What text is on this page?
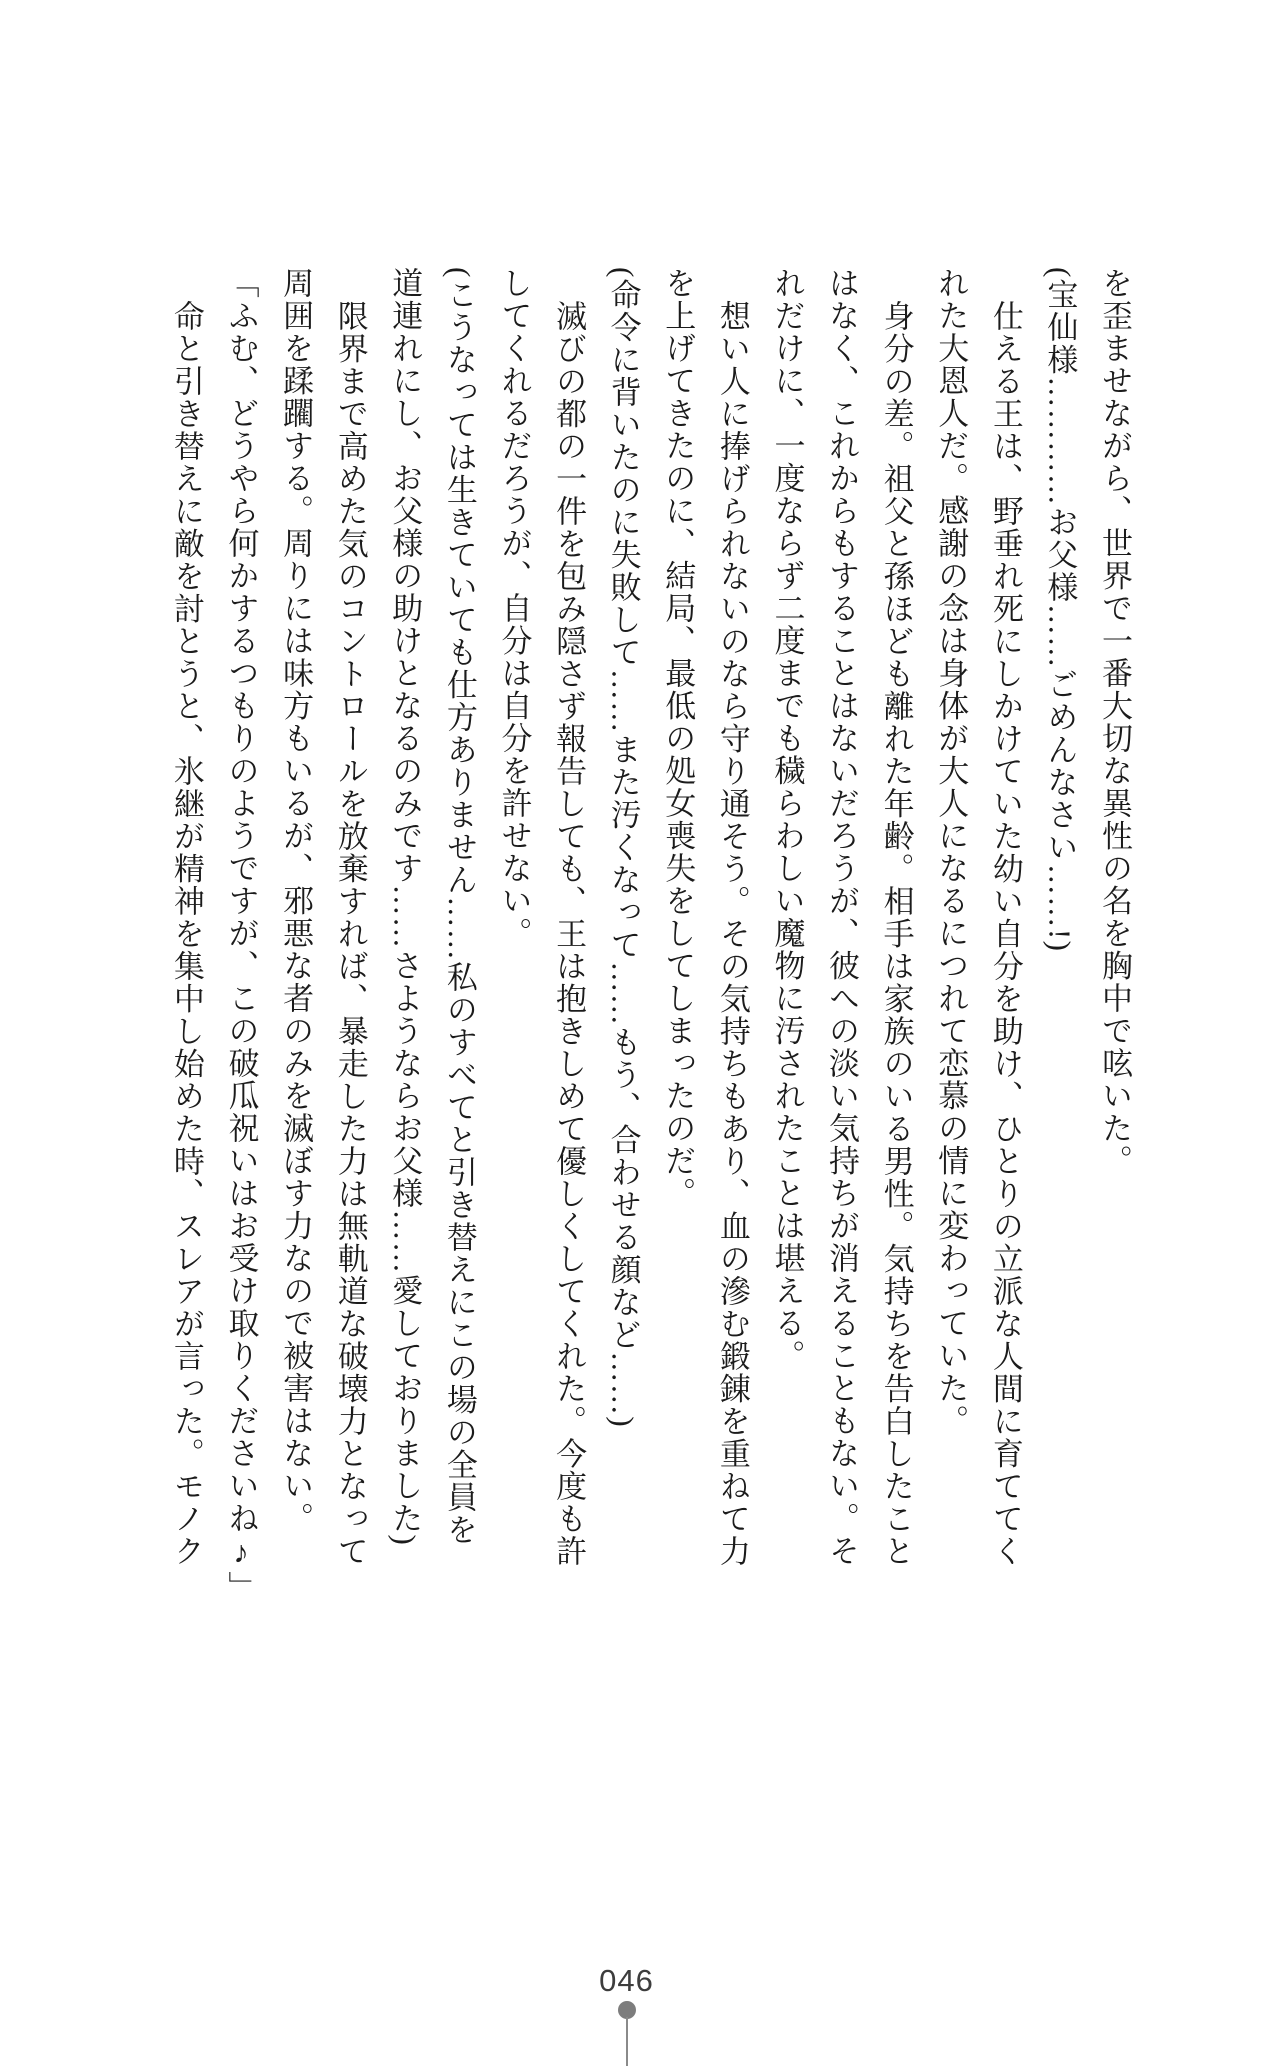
を歪ませながら、世界で一番大切な異性の名を胸中で呟いた。
(宝仙様…………お父様……ごめんなさい……!)
仕える王は、野垂れ死にしかけていた幼い自分を助け、ひとりの立派な人間に育ててく
れた大恩人だ。感謝の念は身体が大人になるにつれて恋慕の情に変わっていた。
身分の差。祖父と孫ほども離れた年齢。相手は家族のいる男性。気持ちを告白したこと
はなく、これからもすることはないだろうが、彼への淡い気持ちが消えることもない。そ
れだけに、一度ならず二度までも穢らわしい魔物に汚されたことは堪える。
想い人に捧げられないのなら守り通そう。その気持ちもあり、血の滲む鍛錬を重ねて力
を上げてきたのに、結局、最低の処女喪失をしてしまったのだ。
(命令に背いたのに失敗して……また汚くなって……もう、合わせる顔など……)
滅びの都の一件を包み隠さず報告しても、王は抱きしめて優しくしてくれた。今度も許
してくれるだろうが、自分は自分を許せない。
(こうなっては生きていても仕方ありません……私のすべてと引き替えにこの場の全員を
道連れにし、お父様の助けとなるのみです……さようならお父様……愛しておりました)
限界まで高めた気のコントロールを放棄すれば、暴走した力は無軌道な破壊力となって
周囲を蹂躙する。周りには味方もいるが、邪悪な者のみを滅ぼす力なので被害はない。
「ふむ、どうやら何かするつもりのようですが、この破瓜祝いはお受け取りくださいね♪」
命と引き替えに敵を討とうと、氷継が精神を集中し始めた時、スレアが言った。モノク
046
